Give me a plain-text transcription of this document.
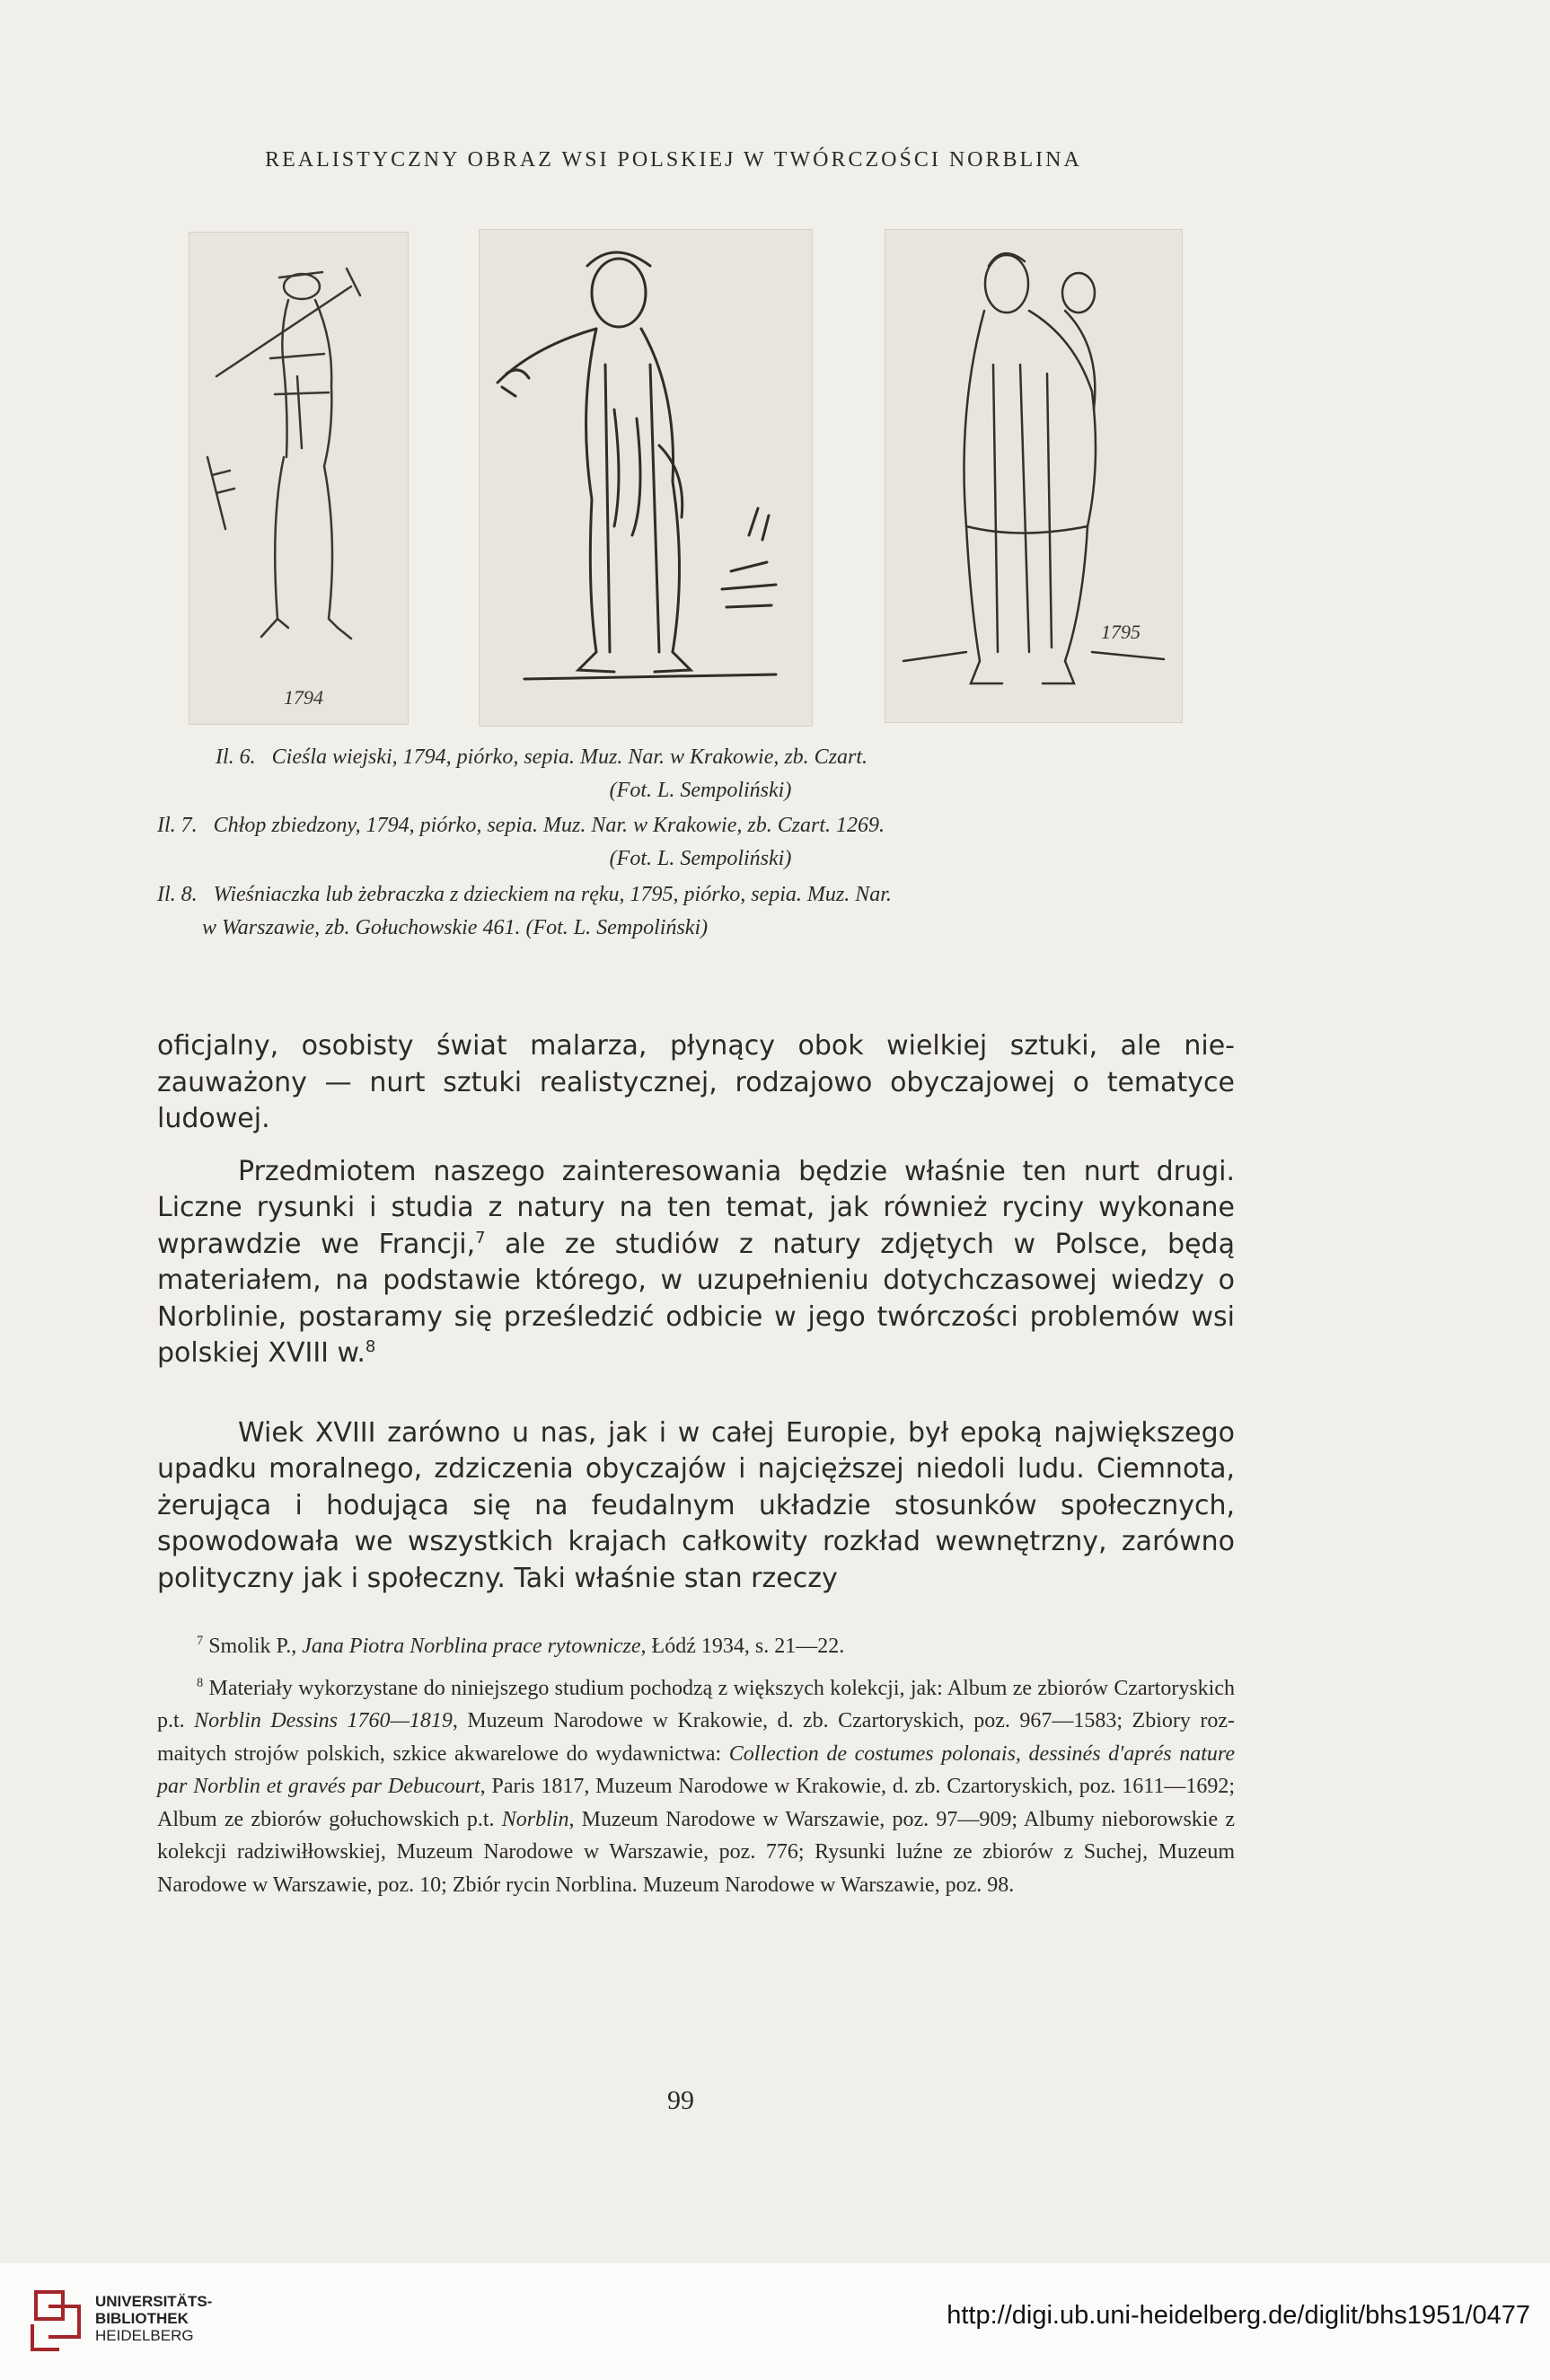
REALISTYCZNY OBRAZ WSI POLSKIEJ W TWÓRCZOŚCI NORBLINA
1794
1795
Il. 6. Cieśla wiejski, 1794, piórko, sepia. Muz. Nar. w Krakowie, zb. Czart.
(Fot. L. Sempoliński)
Il. 7. Chłop zbiedzony, 1794, piórko, sepia. Muz. Nar. w Krakowie, zb. Czart. 1269.
(Fot. L. Sempoliński)
Il. 8. Wieśniaczka lub żebraczka z dzieckiem na ręku, 1795, piórko, sepia. Muz. Nar.
w Warszawie, zb. Gołuchowskie 461. (Fot. L. Sempoliński)

oficjalny, osobisty świat malarza, płynący obok wielkiej sztuki, ale niezauważony — nurt sztuki realistycznej, rodzajowo obyczajowej o tematyce ludowej.

Przedmiotem naszego zainteresowania będzie właśnie ten nurt drugi. Liczne rysunki i studia z natury na ten temat, jak również ryciny wykonane wprawdzie we Francji,$^7$ ale ze studiów z natury zdjętych w Polsce, będą materiałem, na podstawie którego, w uzupełnieniu dotychczasowej wiedzy o Norblinie, postaramy się prześledzić odbicie w jego twórczości problemów wsi polskiej XVIII w.$^8$

Wiek XVIII zarówno u nas, jak i w całej Europie, był epoką największego upadku moralnego, zdziczenia obyczajów i najcięższej niedoli ludu. Ciemnota, żerująca i hodująca się na feudalnym układzie stosunków społecznych, spowodowała we wszystkich krajach całkowity rozkład wewnętrzny, zarówno polityczny jak i społeczny. Taki właśnie stan rzeczy

$^7$ Smolik P., Jana Piotra Norblina prace rytownicze, Łódź 1934, s. 21—22.

$^8$ Materiały wykorzystane do niniejszego studium pochodzą z większych kolekcji, jak: Album ze zbiorów Czartoryskich p.t. Norblin Dessins 1760—1819, Muzeum Narodowe w Krakowie, d. zb. Czartoryskich, poz. 967—1583; Zbiory rozmaitych strojów polskich, szkice akwarelowe do wydawnictwa: Collection de costumes polonais, dessinés d'aprés nature par Norblin et gravés par Debucourt, Paris 1817, Muzeum Narodowe w Krakowie, d. zb. Czartoryskich, poz. 1611—1692; Album ze zbiorów gołuchowskich p.t. Norblin, Muzeum Narodowe w Warszawie, poz. 97—909; Albumy nieborowskie z kolekcji radziwiłłowskiej, Muzeum Narodowe w Warszawie, poz. 776; Rysunki luźne ze zbiorów z Suchej, Muzeum Narodowe w Warszawie, poz. 10; Zbiór rycin Norblina. Muzeum Narodowe w Warszawie, poz. 98.

99
UNIVERSITÄTS-
BIBLIOTHEK
HEIDELBERG
http://digi.ub.uni-heidelberg.de/diglit/bhs1951/0477
